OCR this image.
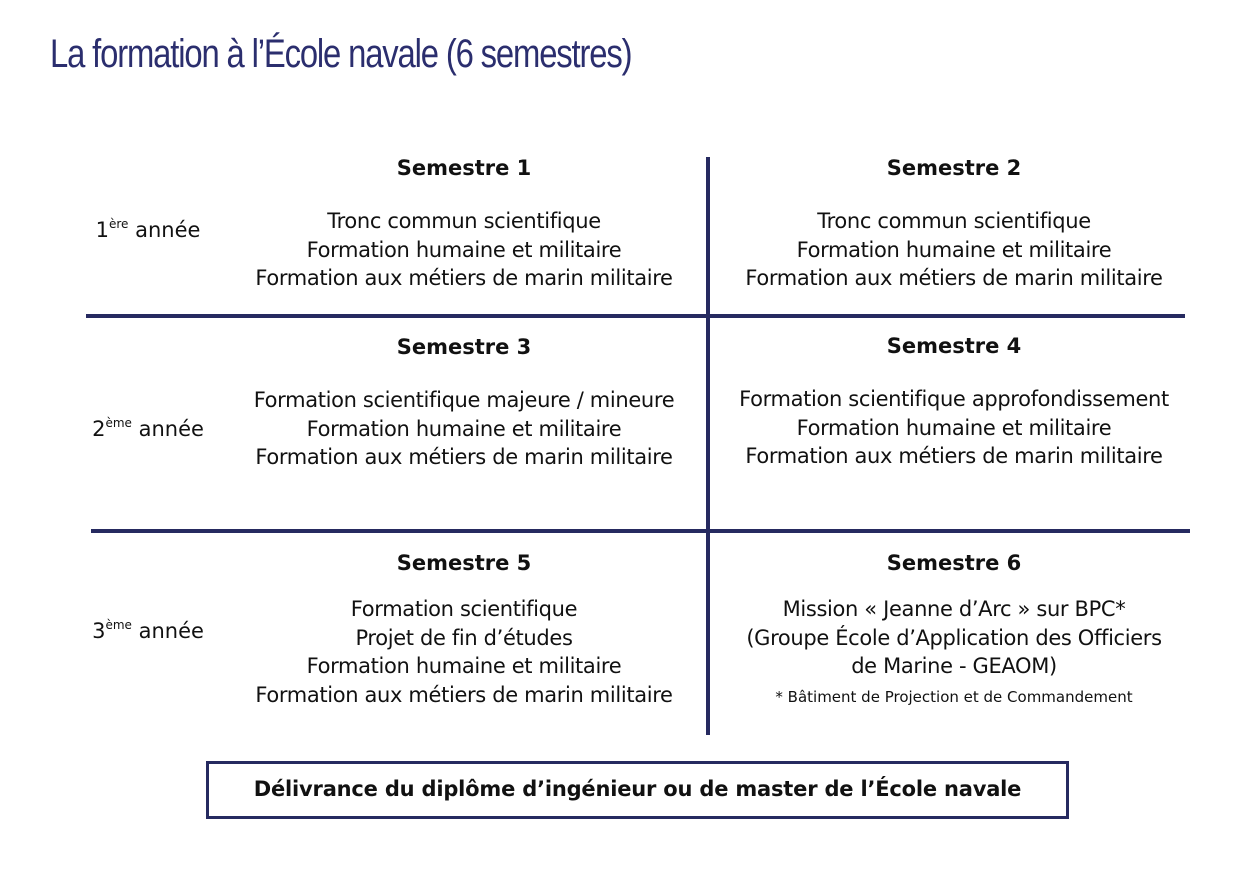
La formation à l’École navale (6 semestres)
1ère année
2ème année
3ème année
Semestre 1
Tronc commun scientifique
Formation humaine et militaire
Formation aux métiers de marin militaire
Semestre 2
Tronc commun scientifique
Formation humaine et militaire
Formation aux métiers de marin militaire
Semestre 3
Formation scientifique majeure / mineure
Formation humaine et militaire
Formation aux métiers de marin militaire
Semestre 4
Formation scientifique approfondissement
Formation humaine et militaire
Formation aux métiers de marin militaire
Semestre 5
Formation scientifique
Projet de fin d’études
Formation humaine et militaire
Formation aux métiers de marin militaire
Semestre 6
Mission « Jeanne d’Arc » sur BPC*
(Groupe École d’Application des Officiers
de Marine - GEAOM)
* Bâtiment de Projection et de Commandement
Délivrance du diplôme d’ingénieur ou de master de l’École navale
